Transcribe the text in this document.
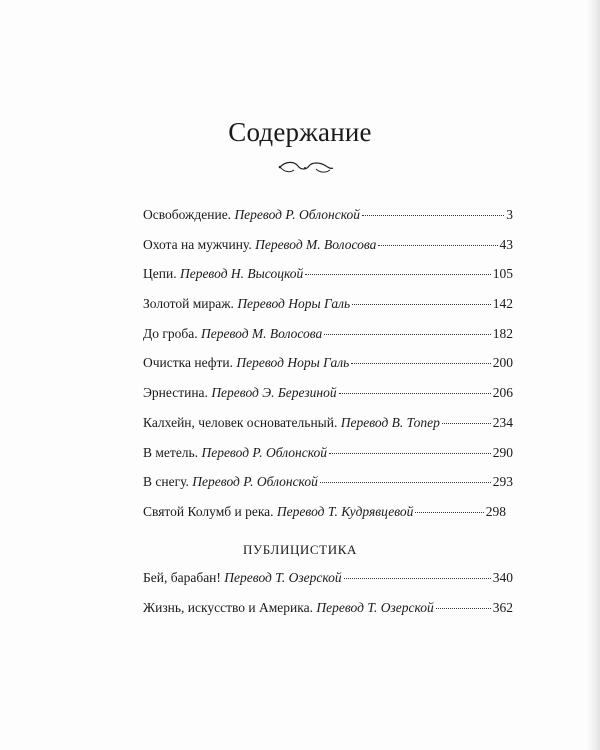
Содержание
Освобождение. Перевод Р. Облонской	3
Охота на мужчину. Перевод М. Волосова	43
Цепи. Перевод Н. Высоцкой	105
Золотой мираж. Перевод Норы Галь	142
До гроба. Перевод М. Волосова	182
Очистка нефти. Перевод Норы Галь	200
Эрнестина. Перевод Э. Березиной	206
Калхейн, человек основательный. Перевод В. Топер	234
В метель. Перевод Р. Облонской	290
В снегу. Перевод Р. Облонской	293
Святой Колумб и река. Перевод Т. Кудрявцевой	298
ПУБЛИЦИСТИКА
Бей, барабан! Перевод Т. Озерской	340
Жизнь, искусство и Америка. Перевод Т. Озерской	362
